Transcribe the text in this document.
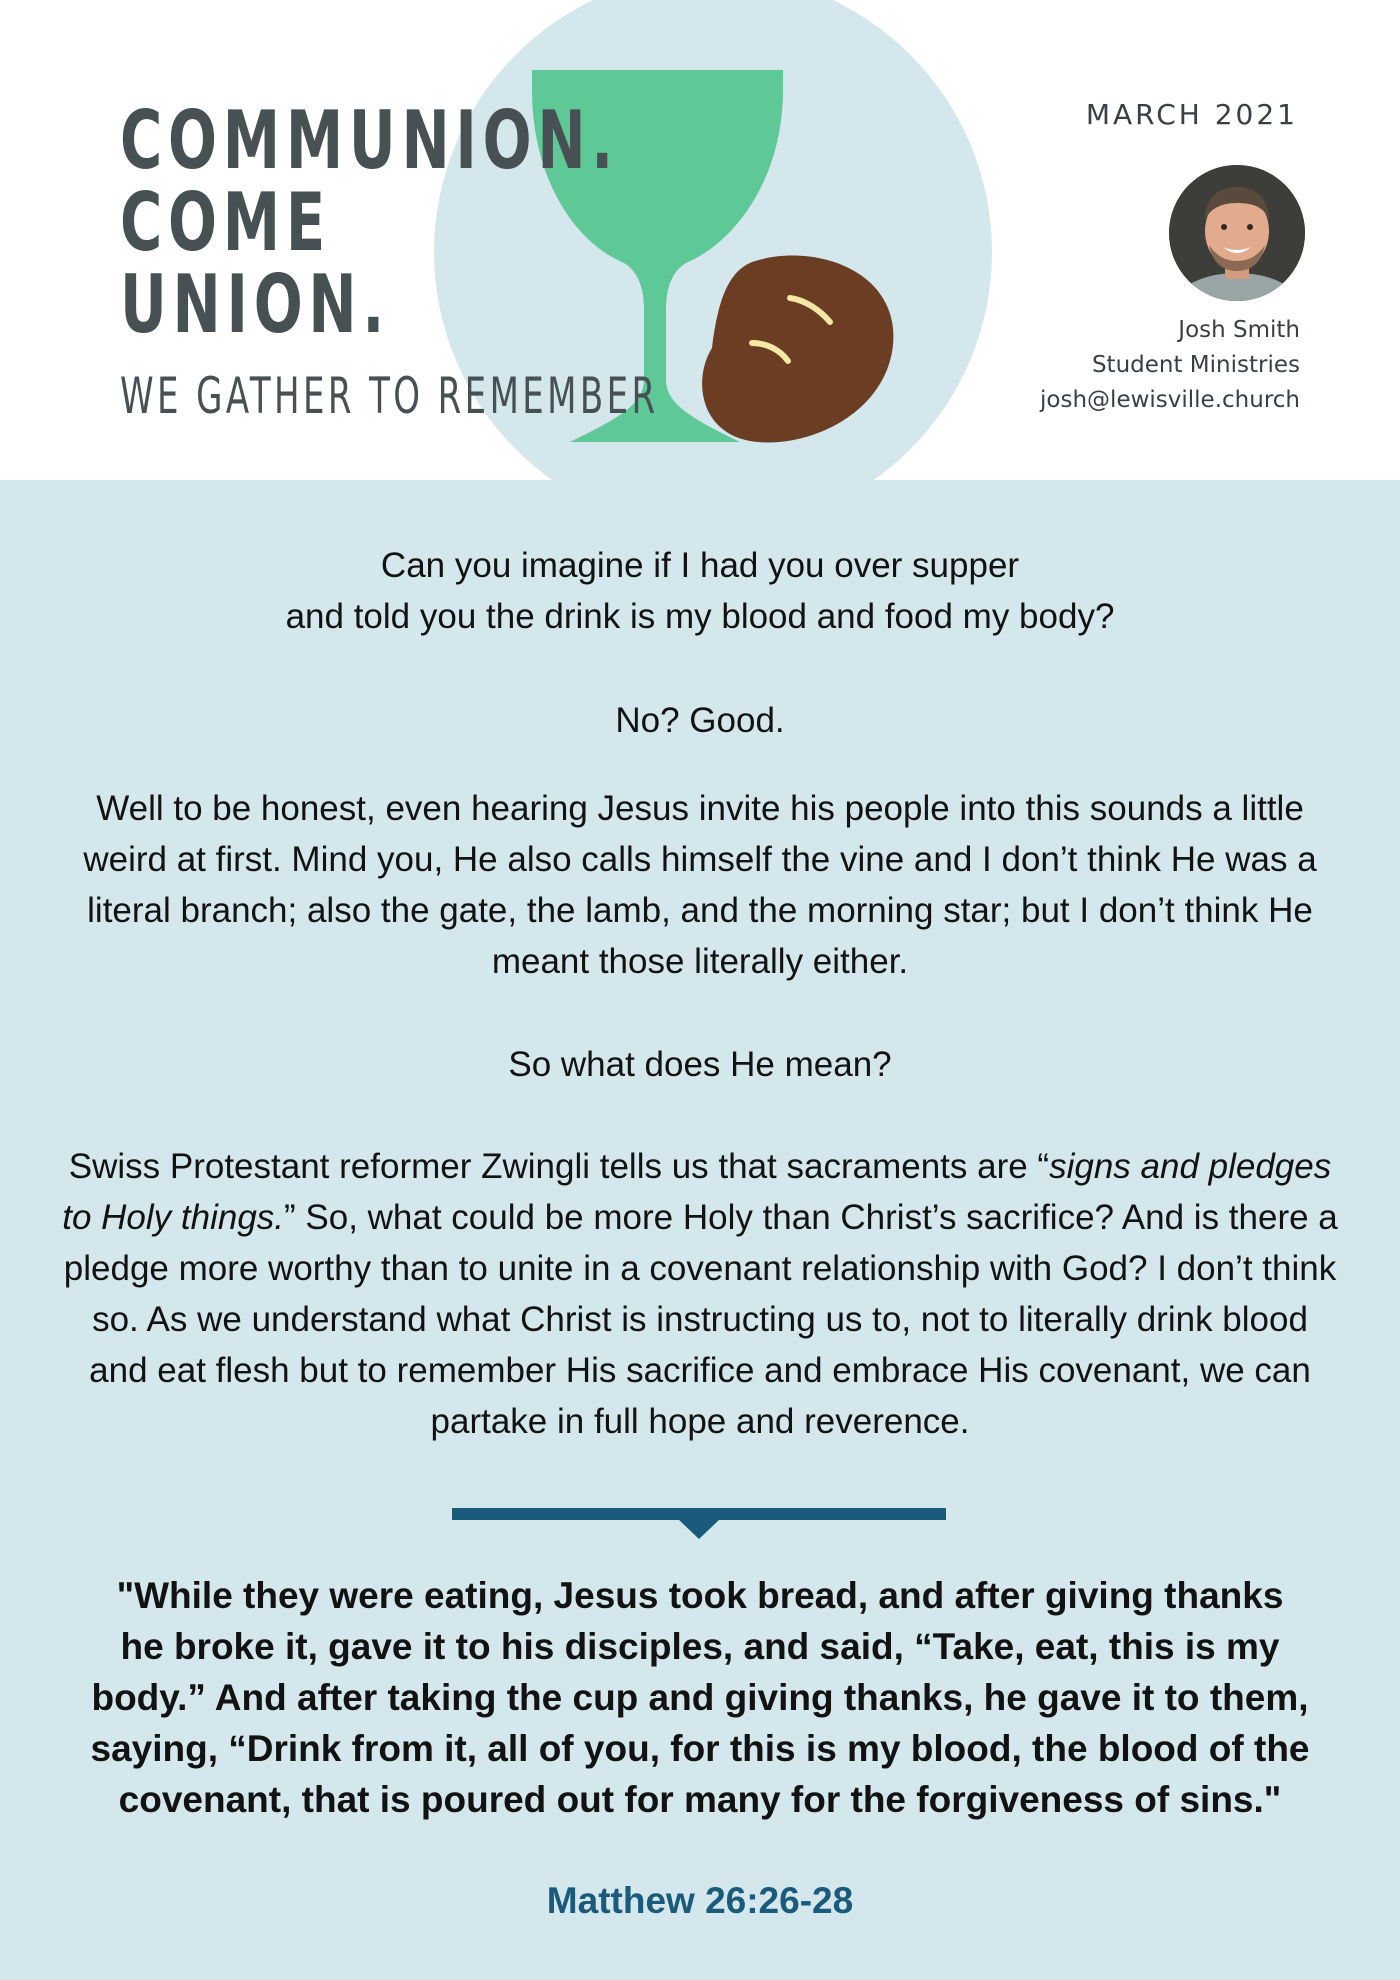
COMMUNION.
COME
UNION.
WE GATHER TO REMEMBER
MARCH 2021
Josh Smith
Student Ministries
josh@lewisville.church

Can you imagine if I had you over supper
and told you the drink is my blood and food my body?

No? Good.

Well to be honest, even hearing Jesus invite his people into this sounds a little weird at first. Mind you, He also calls himself the vine and I don’t think He was a literal branch; also the gate, the lamb, and the morning star; but I don’t think He meant those literally either.

So what does He mean?

Swiss Protestant reformer Zwingli tells us that sacraments are “signs and pledges to Holy things.” So, what could be more Holy than Christ’s sacrifice? And is there a pledge more worthy than to unite in a covenant relationship with God? I don’t think so. As we understand what Christ is instructing us to, not to literally drink blood and eat flesh but to remember His sacrifice and embrace His covenant, we can partake in full hope and reverence.

"While they were eating, Jesus took bread, and after giving thanks he broke it, gave it to his disciples, and said, “Take, eat, this is my body.” And after taking the cup and giving thanks, he gave it to them, saying, “Drink from it, all of you, for this is my blood, the blood of the covenant, that is poured out for many for the forgiveness of sins."

Matthew 26:26-28
